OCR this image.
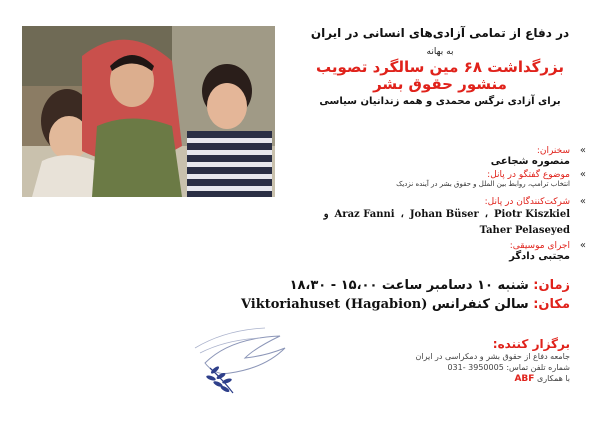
در دفاع از تمامی آزادی‌های انسانی در ایران
به بهانه
بزرگداشت ۶۸ مین سالگرد تصویب
منشور حقوق بشر
برای آزادی نرگس محمدی و همه زندانیان سیاسی
»
سخنران:
منصوره شجاعی
»
موضوع گفتگو در پانل:
انتخاب ترامپ، روابط بین الملل و حقوق بشر در آینده نزدیک
»
شرکت‌کنندگان در پانل:
و Araz Fanni ، Johan Büser ، Piotr Kiszkiel
Taher Pelaseyed
»
اجرای موسیقی:
مجتبی دادگر
زمان: شنبه ۱۰ دسامبر ساعت ۱۵،۰۰ - ۱۸،۳۰
مکان: سالن کنفرانس Viktoriahuset (Hagabion)
برگزار کننده:
جامعه دفاع از حقوق بشر و دمکراسی در ایران
شماره تلفن تماس: 031- 3950005
با همکاری ABF
